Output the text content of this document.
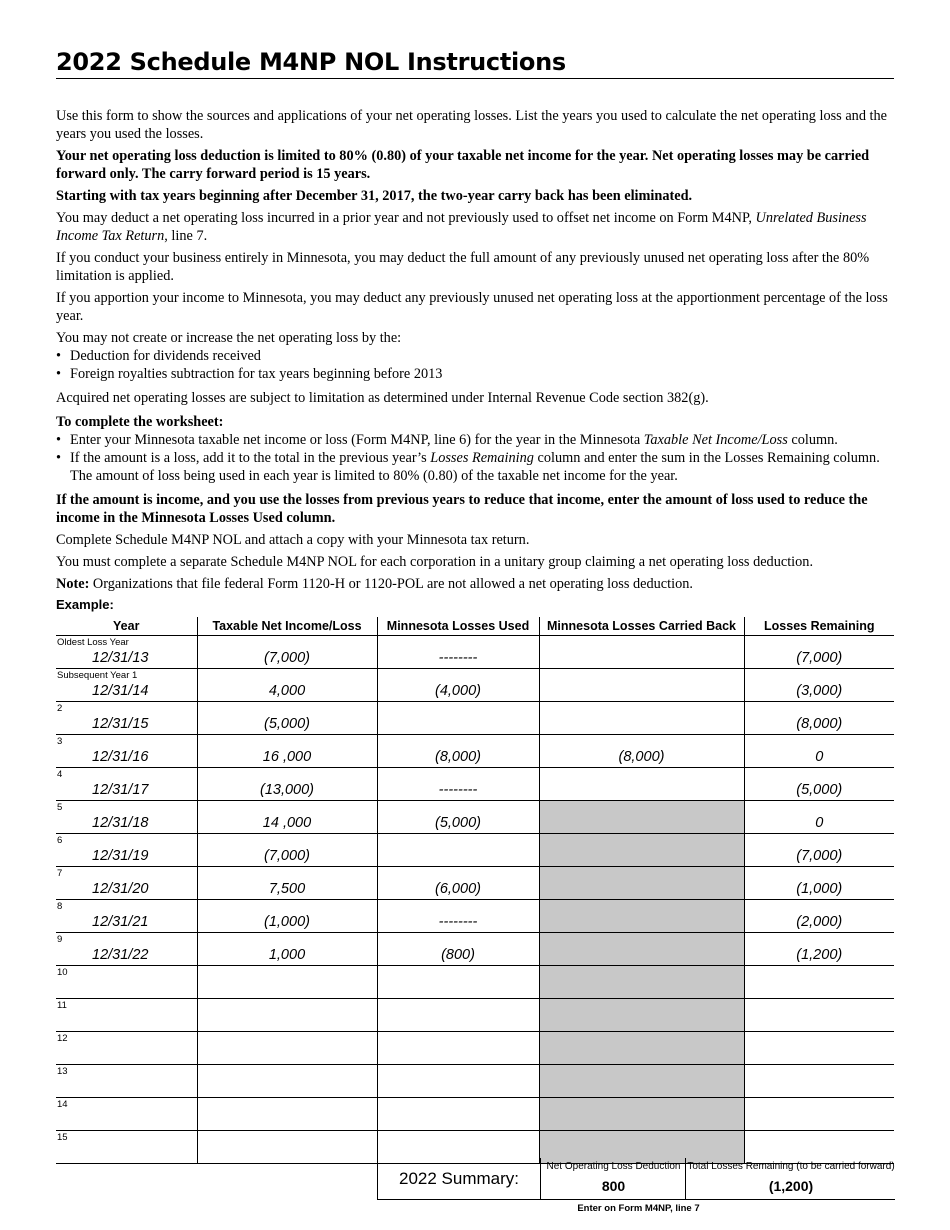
2022 Schedule M4NP NOL Instructions

Use this form to show the sources and applications of your net operating losses. List the years you used to calculate the net operating loss and the years you used the losses.

Your net operating loss deduction is limited to 80% (0.80) of your taxable net income for the year. Net operating losses may be carried forward only. The carry forward period is 15 years.

Starting with tax years beginning after December 31, 2017, the two-year carry back has been eliminated.

You may deduct a net operating loss incurred in a prior year and not previously used to offset net income on Form M4NP, Unrelated Business Income Tax Return, line 7.

If you conduct your business entirely in Minnesota, you may deduct the full amount of any previously unused net operating loss after the 80% limitation is applied.

If you apportion your income to Minnesota, you may deduct any previously unused net operating loss at the apportionment percentage of the loss year.

You may not create or increase the net operating loss by the:

• Deduction for dividends received
• Foreign royalties subtraction for tax years beginning before 2013

Acquired net operating losses are subject to limitation as determined under Internal Revenue Code section 382(g).

To complete the worksheet:

• Enter your Minnesota taxable net income or loss (Form M4NP, line 6) for the year in the Minnesota Taxable Net Income/Loss column.
• If the amount is a loss, add it to the total in the previous year’s Losses Remaining column and enter the sum in the Losses Remaining column. The amount of loss being used in each year is limited to 80% (0.80) of the taxable net income for the year.

If the amount is income, and you use the losses from previous years to reduce that income, enter the amount of loss used to reduce the income in the Minnesota Losses Used column.

Complete Schedule M4NP NOL and attach a copy with your Minnesota tax return.

You must complete a separate Schedule M4NP NOL for each corporation in a unitary group claiming a net operating loss deduction.

Note: Organizations that file federal Form 1120-H or 1120-POL are not allowed a net operating loss deduction.

Example:
Year	Taxable Net Income/Loss	Minnesota Losses Used	Minnesota Losses Carried Back	Losses Remaining

Oldest Loss Year
12/31/13	(7,000)	--------		(7,000)

Subsequent Year 1
12/31/14	4,000	(4,000)		(3,000)

2
12/31/15	(5,000)			(8,000)

3
12/31/16	16 ,000	(8,000)	(8,000)	0

4
12/31/17	(13,000)	--------		(5,000)

5
12/31/18	14 ,000	(5,000)		0

6
12/31/19	(7,000)			(7,000)

7
12/31/20	7,500	(6,000)		(1,000)

8
12/31/21	(1,000)	--------		(2,000)

9
12/31/22	1,000	(800)		(1,200)

10				

11				

12				

13				

14				

15				

2022 Summary:
Net Operating Loss Deduction
800
Total Losses Remaining (to be carried forward)
(1,200)
Enter on Form M4NP, line 7
